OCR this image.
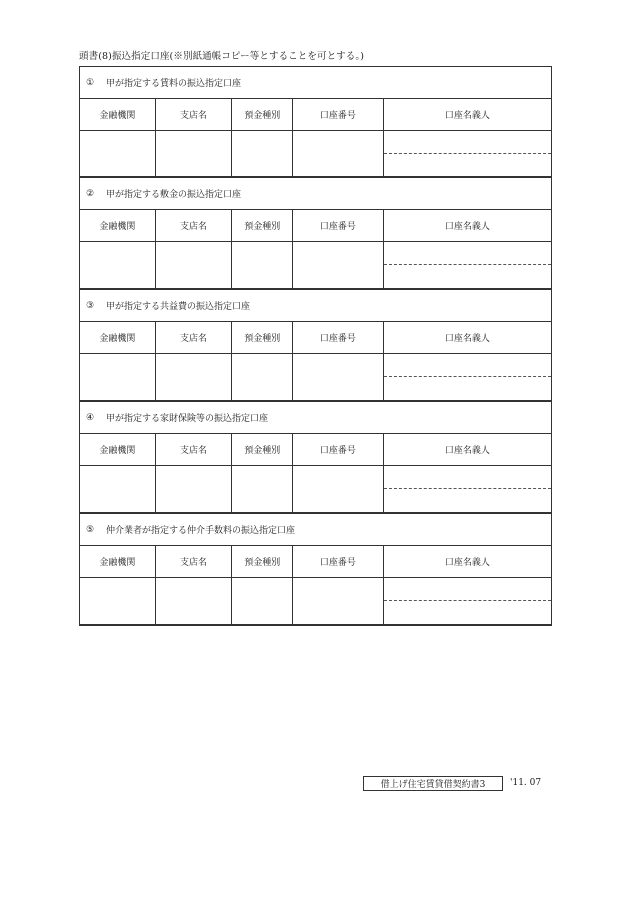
頭書(8)振込指定口座(※別紙通帳コピー等とすることを可とする。)
①	甲が指定する賃料の振込指定口座
金融機関	支店名	預金種別	口座番号	口座名義人
②	甲が指定する敷金の振込指定口座
金融機関	支店名	預金種別	口座番号	口座名義人
③	甲が指定する共益費の振込指定口座
金融機関	支店名	預金種別	口座番号	口座名義人
④	甲が指定する家財保険等の振込指定口座
金融機関	支店名	預金種別	口座番号	口座名義人
⑤	仲介業者が指定する仲介手数料の振込指定口座
金融機関	支店名	預金種別	口座番号	口座名義人
借上げ住宅賃貸借契約書3	'11. 07
